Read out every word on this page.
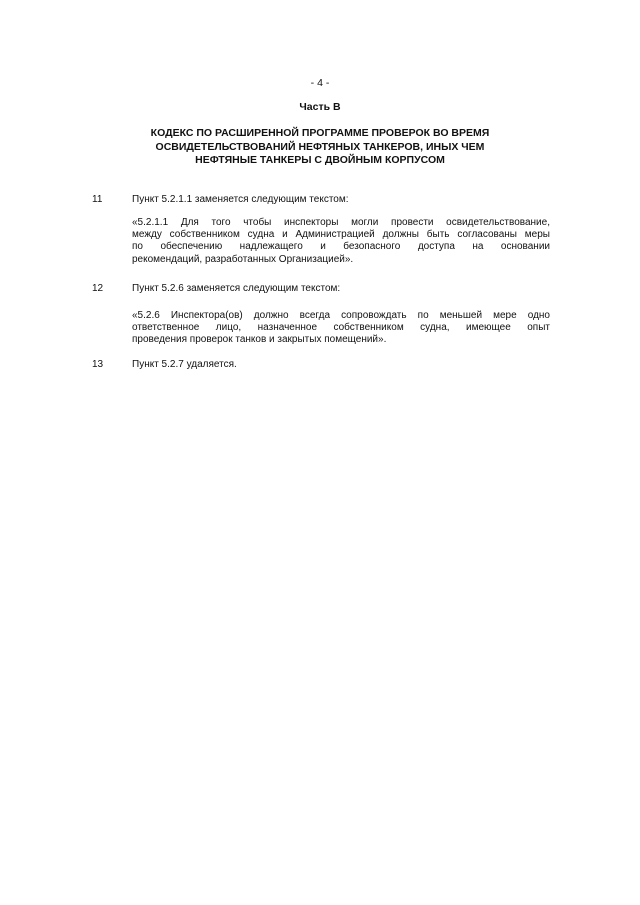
- 4 -
Часть В
КОДЕКС ПО РАСШИРЕННОЙ ПРОГРАММЕ ПРОВЕРОК ВО ВРЕМЯ
ОСВИДЕТЕЛЬСТВОВАНИЙ НЕФТЯНЫХ ТАНКЕРОВ, ИНЫХ ЧЕМ
НЕФТЯНЫЕ ТАНКЕРЫ С ДВОЙНЫМ КОРПУСОМ
11	Пункт 5.2.1.1 заменяется следующим текстом:
«5.2.1.1 Для того чтобы инспекторы могли провести освидетельствование,
между собственником судна и Администрацией должны быть согласованы меры
по обеспечению надлежащего и безопасного доступа на основании
рекомендаций, разработанных Организацией».
12	Пункт 5.2.6 заменяется следующим текстом:
«5.2.6 Инспектора(ов) должно всегда сопровождать по меньшей мере одно
ответственное лицо, назначенное собственником судна, имеющее опыт
проведения проверок танков и закрытых помещений».
13	Пункт 5.2.7 удаляется.
